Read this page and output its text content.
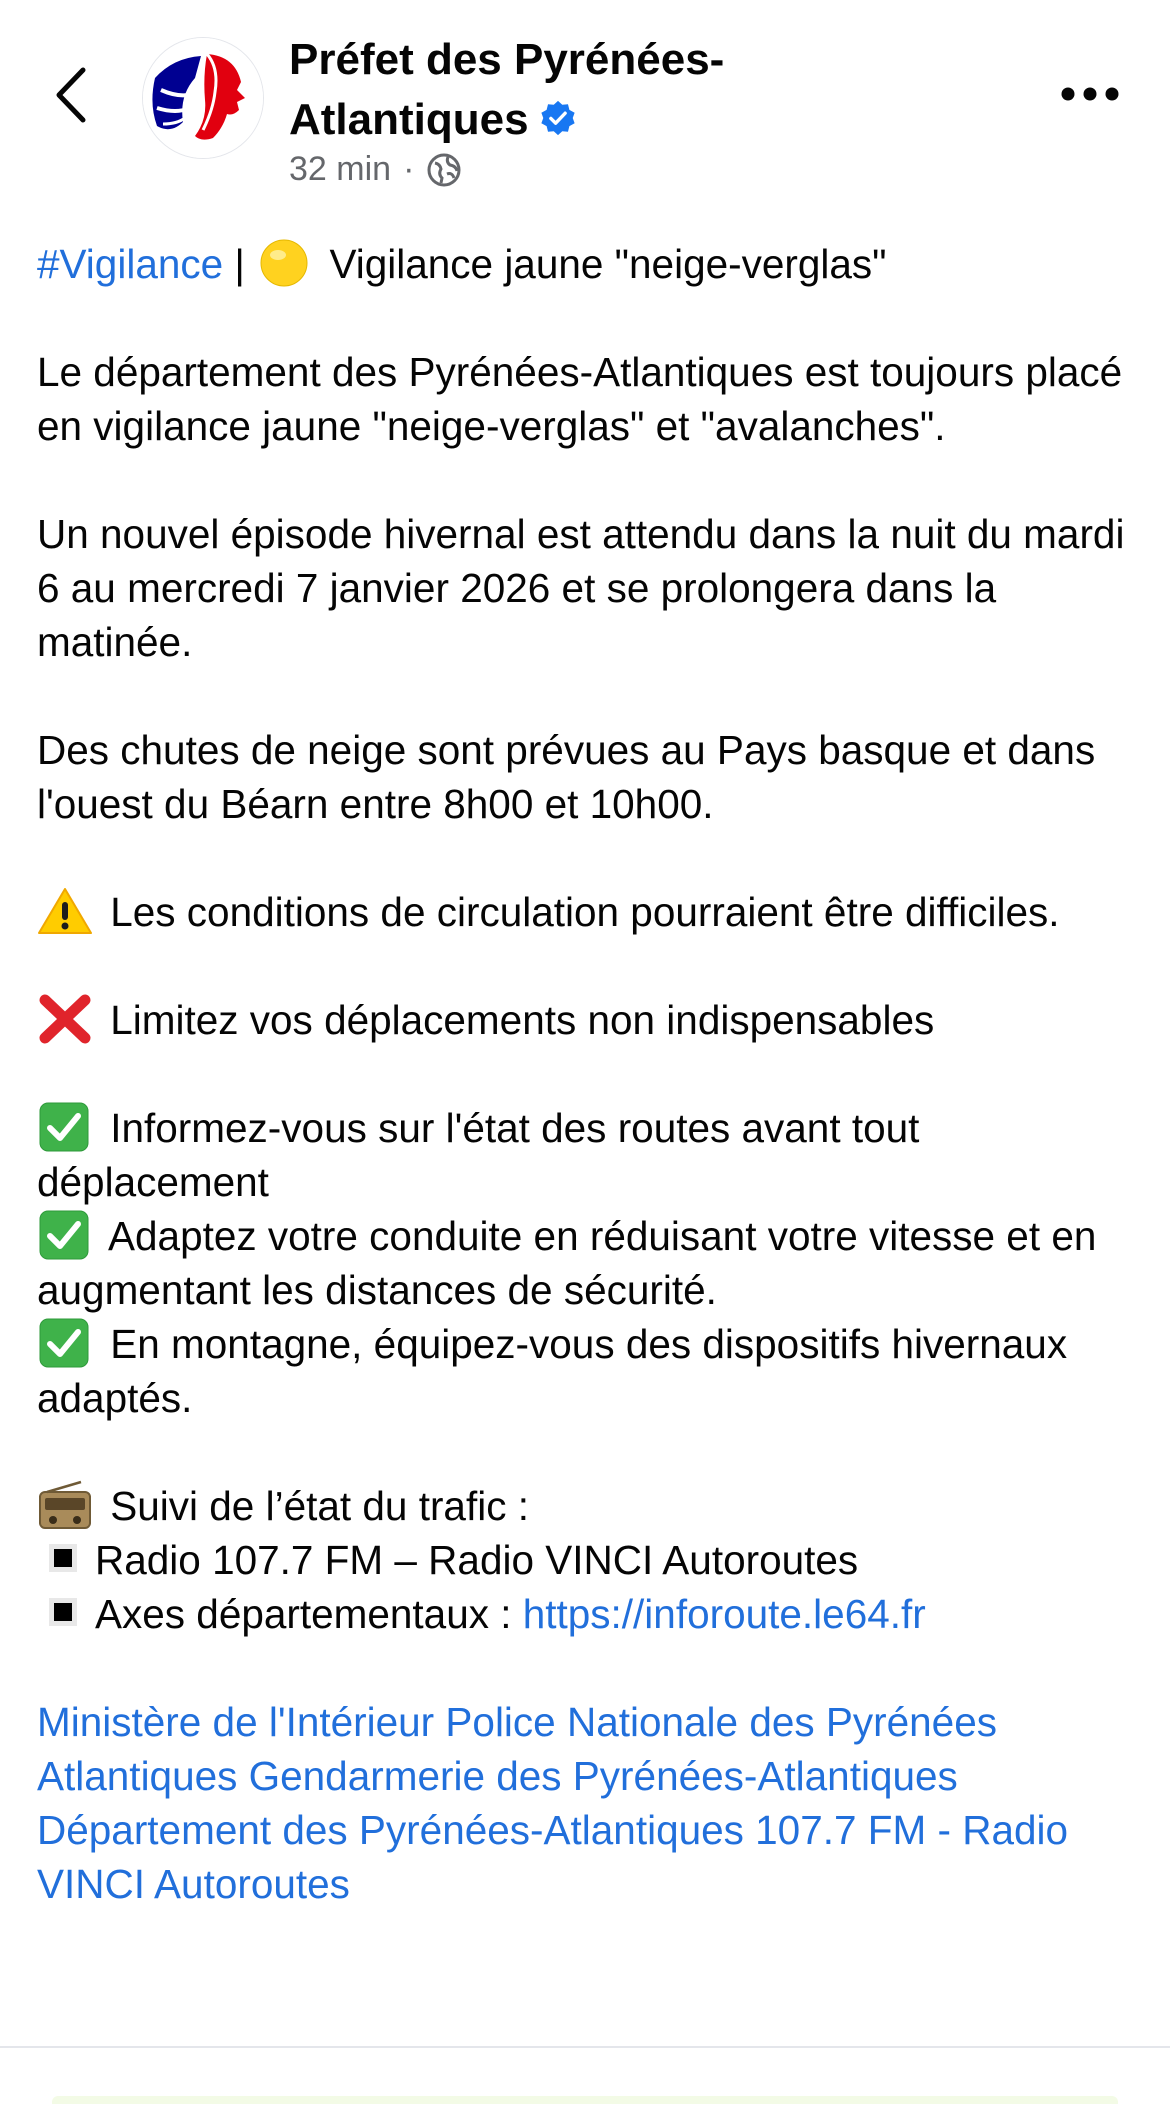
Préfet des Pyrénées-
Atlantiques
32 min ·

#Vigilance |  Vigilance jaune "neige-verglas"

Le département des Pyrénées-Atlantiques est toujours placé en vigilance jaune "neige-verglas" et "avalanches".

Un nouvel épisode hivernal est attendu dans la nuit du mardi 6 au mercredi 7 janvier 2026 et se prolongera dans la matinée.

Des chutes de neige sont prévues au Pays basque et dans l'ouest du Béarn entre 8h00 et 10h00.

Les conditions de circulation pourraient être difficiles.

Limitez vos déplacements non indispensables

Informez-vous sur l'état des routes avant tout déplacement

Adaptez votre conduite en réduisant votre vitesse et en augmentant les distances de sécurité.

En montagne, équipez-vous des dispositifs hivernaux adaptés.

Suivi de l’état du trafic :

Radio 107.7 FM – Radio VINCI Autoroutes

Axes départementaux : https://inforoute.le64.fr

Ministère de l'Intérieur Police Nationale des Pyrénées Atlantiques Gendarmerie des Pyrénées-Atlantiques Département des Pyrénées-Atlantiques 107.7 FM - Radio VINCI Autoroutes
